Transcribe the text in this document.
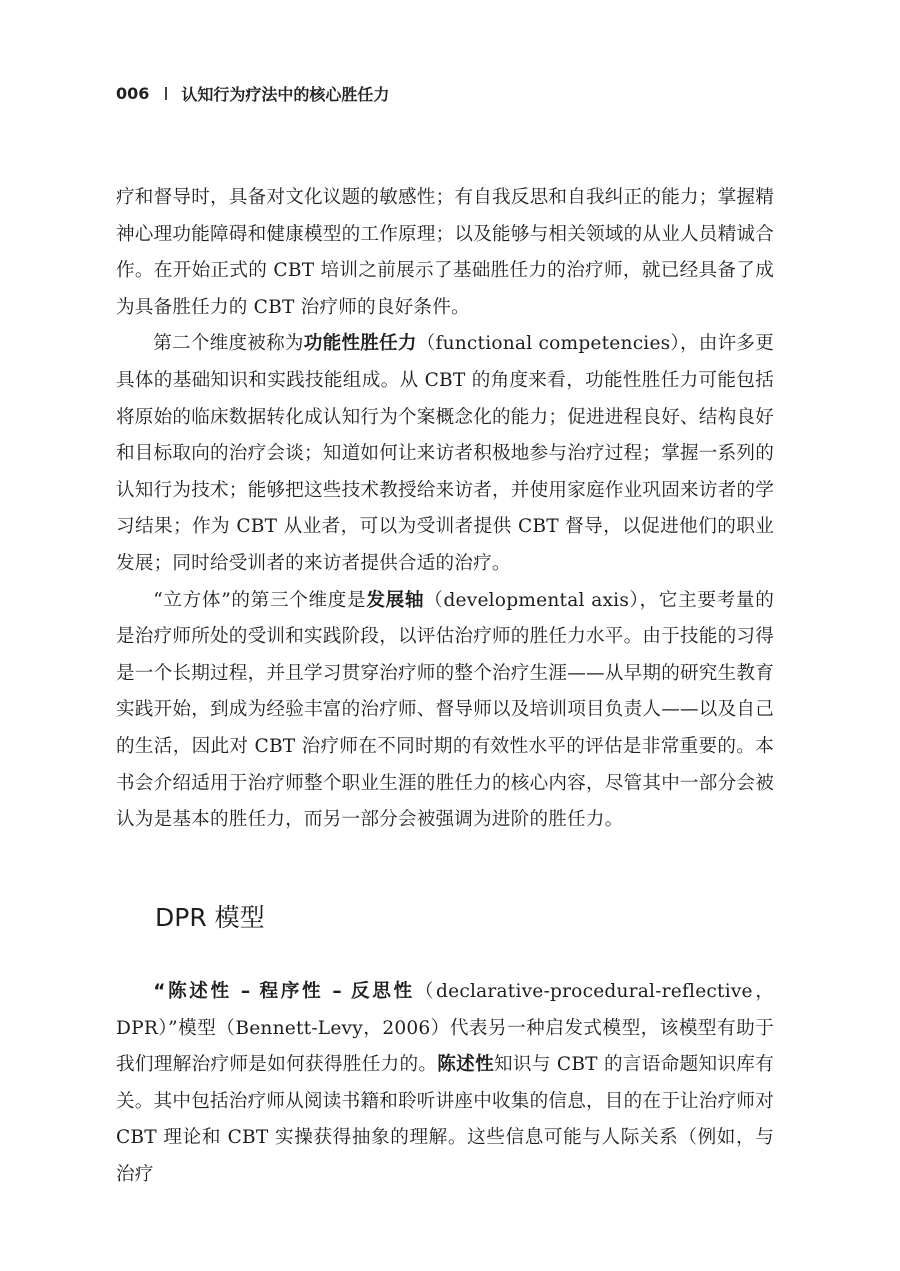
006 认知行为疗法中的核心胜任力

疗和督导时，具备对文化议题的敏感性；有自我反思和自我纠正的能力；掌握精神心理功能障碍和健康模型的工作原理；以及能够与相关领域的从业人员精诚合作。在开始正式的 CBT 培训之前展示了基础胜任力的治疗师，就已经具备了成为具备胜任力的 CBT 治疗师的良好条件。

第二个维度被称为功能性胜任力（functional competencies），由许多更具体的基础知识和实践技能组成。从 CBT 的角度来看，功能性胜任力可能包括将原始的临床数据转化成认知行为个案概念化的能力；促进进程良好、结构良好和目标取向的治疗会谈；知道如何让来访者积极地参与治疗过程；掌握一系列的认知行为技术；能够把这些技术教授给来访者，并使用家庭作业巩固来访者的学习结果；作为 CBT 从业者，可以为受训者提供 CBT 督导，以促进他们的职业发展；同时给受训者的来访者提供合适的治疗。

“立方体”的第三个维度是发展轴（developmental axis），它主要考量的是治疗师所处的受训和实践阶段，以评估治疗师的胜任力水平。由于技能的习得是一个长期过程，并且学习贯穿治疗师的整个治疗生涯——从早期的研究生教育实践开始，到成为经验丰富的治疗师、督导师以及培训项目负责人——以及自己的生活，因此对 CBT 治疗师在不同时期的有效性水平的评估是非常重要的。本书会介绍适用于治疗师整个职业生涯的胜任力的核心内容，尽管其中一部分会被认为是基本的胜任力，而另一部分会被强调为进阶的胜任力。

DPR 模型

“陈述性 – 程序性 – 反思性（declarative-procedural-reflective，DPR）”模型（Bennett-Levy，2006）代表另一种启发式模型，该模型有助于我们理解治疗师是如何获得胜任力的。陈述性知识与 CBT 的言语命题知识库有关。其中包括治疗师从阅读书籍和聆听讲座中收集的信息，目的在于让治疗师对 CBT 理论和 CBT 实操获得抽象的理解。这些信息可能与人际关系（例如，与治疗
